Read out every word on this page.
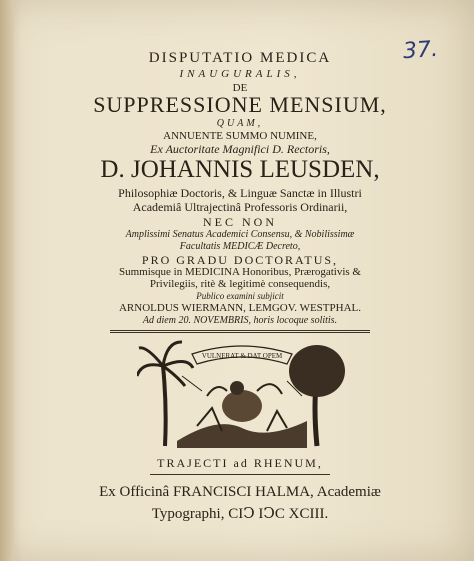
37.
DISPUTATIO MEDICA
INAUGURALIS,
DE
SUPPRESSIONE MENSIUM,
QUAM,
ANNUENTE SUMMO NUMINE,
Ex Auctoritate Magnifici D. Rectoris,
D. JOHANNIS LEUSDEN,
Philosophiæ Doctoris, & Linguæ Sanctæ in Illustri
Academiâ Ultrajectinâ Professoris Ordinarii,
NEC NON
Amplissimi Senatus Academici Consensu, & Nobilissimæ
Facultatis MEDICÆ Decreto,
PRO GRADU DOCTORATUS,
Summisque in MEDICINA Honoribus, Prærogativis &
Privilegiis, ritè & legitimè consequendis,
Publico examini subjicit
ARNOLDUS WIERMANN, LEMGOV. WESTPHAL.
Ad diem 20. NOVEMBRIS, horis locoque solitis.
VULNERAT & DAT OPEM
TRAJECTI ad RHENUM,
Ex Officinâ FRANCISCI HALMA, Academiæ
Typographi, CIↃ IↃC XCIII.
